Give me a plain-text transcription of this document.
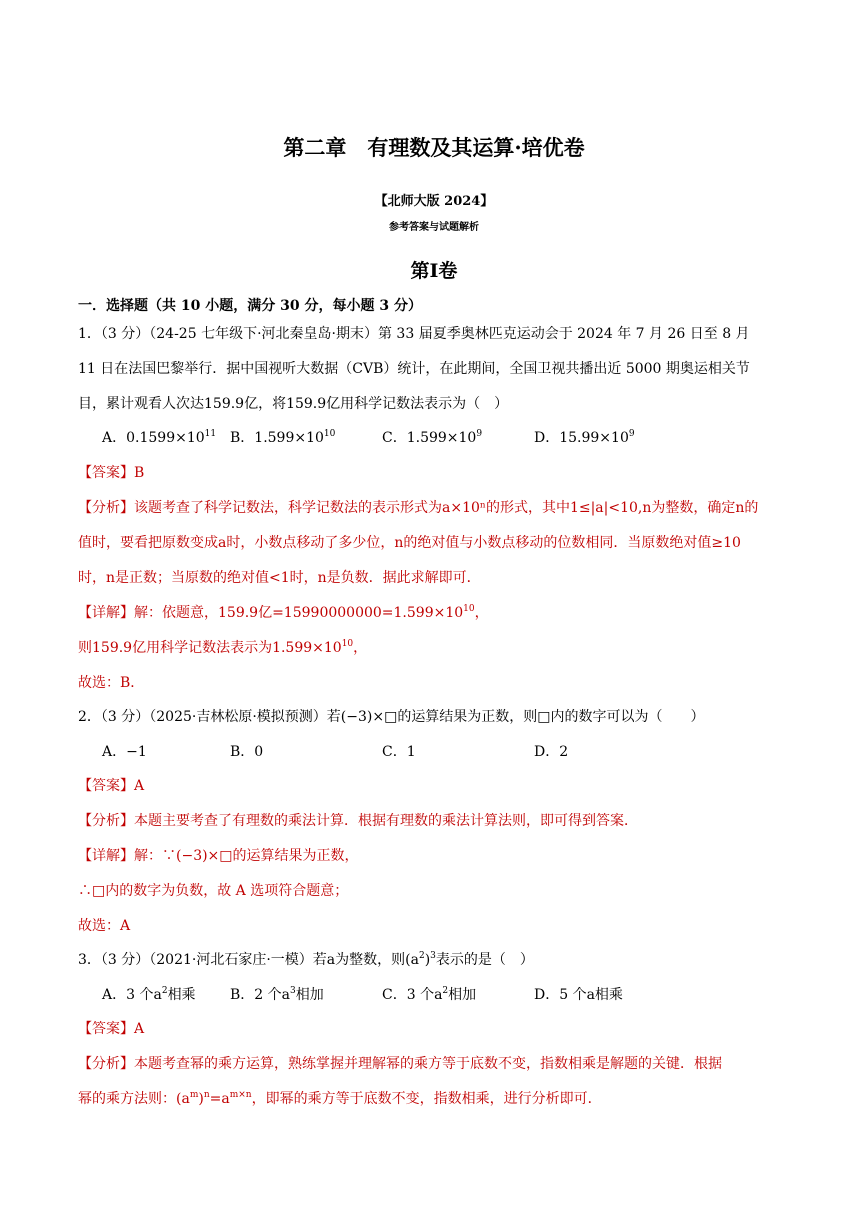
第二章　有理数及其运算·培优卷
【北师大版 2024】
参考答案与试题解析
第Ⅰ卷
一．选择题（共 10 小题，满分 30 分，每小题 3 分）
1．（3 分）（24-25 七年级下·河北秦皇岛·期末）第 33 届夏季奥林匹克运动会于 2024 年 7 月 26 日至 8 月
11 日在法国巴黎举行．据中国视听大数据（CVB）统计，在此期间，全国卫视共播出近 5000 期奥运相关节
目，累计观看人次达159.9亿，将159.9亿用科学记数法表示为（　）
A．$0.1599\times 10^{11}$ B．$1.599\times 10^{10}$	C．$1.599\times 10^9$	D．$15.99\times 10^9$
【答案】B
【分析】该题考查了科学记数法，科学记数法的表示形式为a×10ⁿ的形式，其中1≤|a|<10,n为整数，确定n的
值时，要看把原数变成a时，小数点移动了多少位，n的绝对值与小数点移动的位数相同．当原数绝对值≥10
时，n是正数；当原数的绝对值<1时，n是负数．据此求解即可．
【详解】解：依题意，159.9亿$=15990000000=1.599\times 10^{10}$，
则159.9亿用科学记数法表示为$1.599\times 10^{10}$，
故选：B．
2．（3 分）（2025·吉林松原·模拟预测）若(−3)×□的运算结果为正数，则□内的数字可以为（　　）
A．−1	B．0	C．1	D．2
【答案】A
【分析】本题主要考查了有理数的乘法计算．根据有理数的乘法计算法则，即可得到答案．
【详解】解：∵(−3)×□的运算结果为正数，
∴□内的数字为负数，故 A 选项符合题意；
故选：A
3．（3 分）（2021·河北石家庄·一模）若a为整数，则$(a^2)^3$表示的是（　）
A．3 个$a^2$相乘 B．2 个$a^3$相加	C．3 个$a^2$相加	D．5 个a相乘
【答案】A
【分析】本题考查幂的乘方运算，熟练掌握并理解幂的乘方等于底数不变，指数相乘是解题的关键．根据
幂的乘方法则：$(a^m)^n=a^{m\times n}$，即幂的乘方等于底数不变，指数相乘，进行分析即可．
